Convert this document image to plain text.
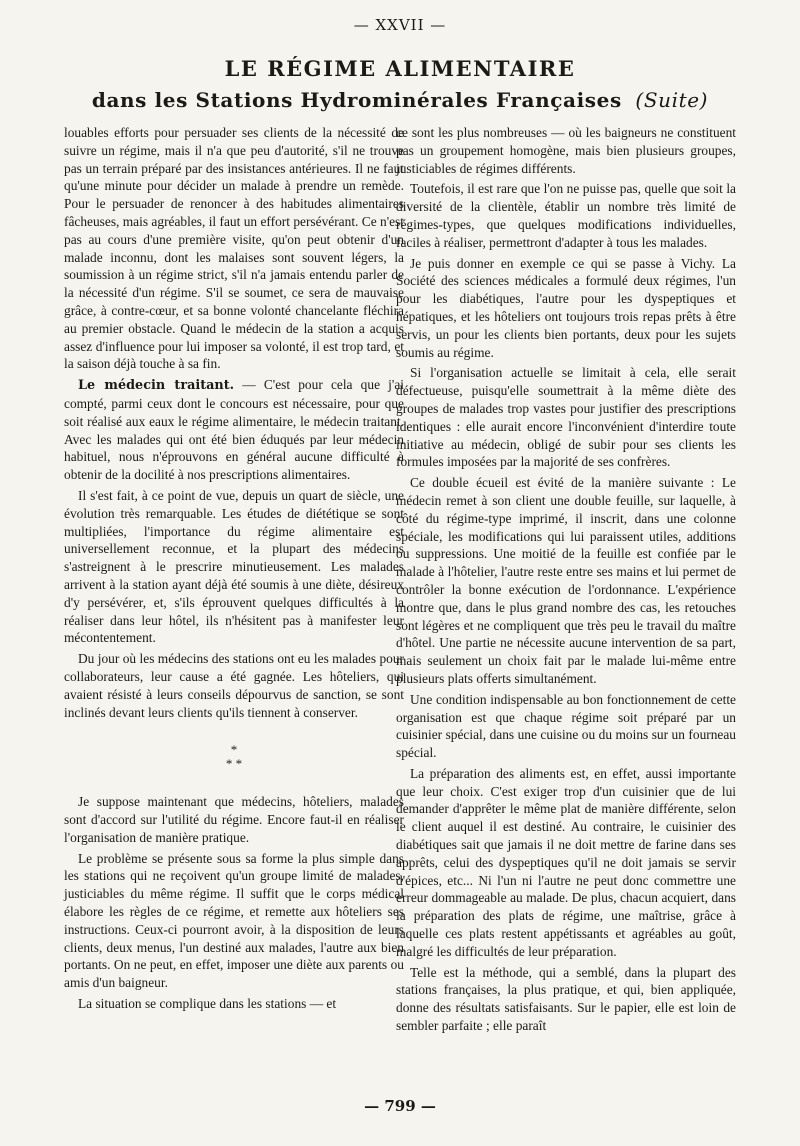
— XXVII —
LE RÉGIME ALIMENTAIRE
dans les Stations Hydrominérales Françaises (Suite)

louables efforts pour persuader ses clients de la nécessité de suivre un régime, mais il n'a que peu d'autorité, s'il ne trouve pas un terrain préparé par des insistances antérieures. Il ne faut qu'une minute pour décider un malade à prendre un remède. Pour le persuader de renoncer à des habitudes alimentaires fâcheuses, mais agréables, il faut un effort persévérant. Ce n'est pas au cours d'une première visite, qu'on peut obtenir d'un malade inconnu, dont les malaises sont souvent légers, la soumission à un régime strict, s'il n'a jamais entendu parler de la nécessité d'un régime. S'il se soumet, ce sera de mauvaise grâce, à contre-cœur, et sa bonne volonté chancelante fléchira au premier obstacle. Quand le médecin de la station a acquis assez d'influence pour lui imposer sa volonté, il est trop tard, et la saison déjà touche à sa fin.

Le médecin traitant. — C'est pour cela que j'ai compté, parmi ceux dont le concours est nécessaire, pour que soit réalisé aux eaux le régime alimentaire, le médecin traitant. Avec les malades qui ont été bien éduqués par leur médecin habituel, nous n'éprouvons en général aucune difficulté à obtenir de la docilité à nos prescriptions alimentaires.

Il s'est fait, à ce point de vue, depuis un quart de siècle, une évolution très remarquable. Les études de diététique se sont multipliées, l'importance du régime alimentaire est universellement reconnue, et la plupart des médecins s'astreignent à le prescrire minutieusement. Les malades arrivent à la station ayant déjà été soumis à une diète, désireux d'y persévérer, et, s'ils éprouvent quelques difficultés à la réaliser dans leur hôtel, ils n'hésitent pas à manifester leur mécontentement.

Du jour où les médecins des stations ont eu les malades pour collaborateurs, leur cause a été gagnée. Les hôteliers, qui avaient résisté à leurs conseils dépourvus de sanction, se sont inclinés devant leurs clients qu'ils tiennent à conserver.

*
* *

Je suppose maintenant que médecins, hôteliers, malades sont d'accord sur l'utilité du régime. Encore faut-il en réaliser l'organisation de manière pratique.

Le problème se présente sous sa forme la plus simple dans les stations qui ne reçoivent qu'un groupe limité de malades, justiciables du même régime. Il suffit que le corps médical élabore les règles de ce régime, et remette aux hôteliers ses instructions. Ceux-ci pourront avoir, à la disposition de leurs clients, deux menus, l'un destiné aux malades, l'autre aux bien portants. On ne peut, en effet, imposer une diète aux parents ou amis d'un baigneur.

La situation se complique dans les stations — et

ce sont les plus nombreuses — où les baigneurs ne constituent pas un groupement homogène, mais bien plusieurs groupes, justiciables de régimes différents.

Toutefois, il est rare que l'on ne puisse pas, quelle que soit la diversité de la clientèle, établir un nombre très limité de régimes-types, que quelques modifications individuelles, faciles à réaliser, permettront d'adapter à tous les malades.

Je puis donner en exemple ce qui se passe à Vichy. La Société des sciences médicales a formulé deux régimes, l'un pour les diabétiques, l'autre pour les dyspeptiques et hépatiques, et les hôteliers ont toujours trois repas prêts à être servis, un pour les clients bien portants, deux pour les sujets soumis au régime.

Si l'organisation actuelle se limitait à cela, elle serait défectueuse, puisqu'elle soumettrait à la même diète des groupes de malades trop vastes pour justifier des prescriptions identiques : elle aurait encore l'inconvénient d'interdire toute initiative au médecin, obligé de subir pour ses clients les formules imposées par la majorité de ses confrères.

Ce double écueil est évité de la manière suivante : Le médecin remet à son client une double feuille, sur laquelle, à côté du régime-type imprimé, il inscrit, dans une colonne spéciale, les modifications qui lui paraissent utiles, additions ou suppressions. Une moitié de la feuille est confiée par le malade à l'hôtelier, l'autre reste entre ses mains et lui permet de contrôler la bonne exécution de l'ordonnance. L'expérience montre que, dans le plus grand nombre des cas, les retouches sont légères et ne compliquent que très peu le travail du maître d'hôtel. Une partie ne nécessite aucune intervention de sa part, mais seulement un choix fait par le malade lui-même entre plusieurs plats offerts simultanément.

Une condition indispensable au bon fonctionnement de cette organisation est que chaque régime soit préparé par un cuisinier spécial, dans une cuisine ou du moins sur un fourneau spécial.

La préparation des aliments est, en effet, aussi importante que leur choix. C'est exiger trop d'un cuisinier que de lui demander d'apprêter le même plat de manière différente, selon le client auquel il est destiné. Au contraire, le cuisinier des diabétiques sait que jamais il ne doit mettre de farine dans ses apprêts, celui des dyspeptiques qu'il ne doit jamais se servir d'épices, etc... Ni l'un ni l'autre ne peut donc commettre une erreur dommageable au malade. De plus, chacun acquiert, dans la préparation des plats de régime, une maîtrise, grâce à laquelle ces plats restent appétissants et agréables au goût, malgré les difficultés de leur préparation.

Telle est la méthode, qui a semblé, dans la plupart des stations françaises, la plus pratique, et qui, bien appliquée, donne des résultats satisfaisants. Sur le papier, elle est loin de sembler parfaite ; elle paraît

— 799 —
